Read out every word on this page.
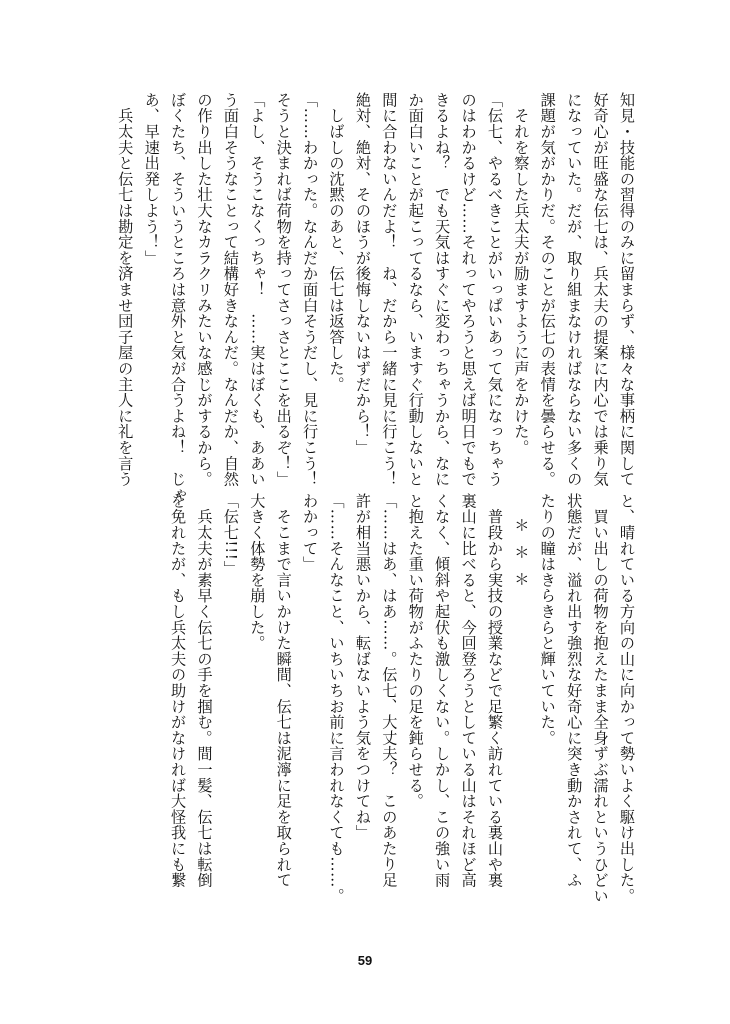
知見・技能の習得のみに留まらず、様々な事柄に関して
好奇心が旺盛な伝七は、兵太夫の提案に内心では乗り気
になっていた。だが、取り組まなければならない多くの
課題が気がかりだ。そのことが伝七の表情を曇らせる。
　それを察した兵太夫が励ますように声をかけた。
「伝七、やるべきことがいっぱいあって気になっちゃう
のはわかるけど……それってやろうと思えば明日でもで
きるよね？　でも天気はすぐに変わっちゃうから、なに
か面白いことが起こってるなら、いますぐ行動しないと
間に合わないんだよ！　ね、だから一緒に見に行こう！
絶対、絶対、そのほうが後悔しないはずだから！」
　しばしの沈黙のあと、伝七は返答した。
「……わかった。なんだか面白そうだし、見に行こう！
そうと決まれば荷物を持ってさっさとここを出るぞ！」
「よし、そうこなくっちゃ！　……実はぼくも、ああい
う面白そうなことって結構好きなんだ。なんだか、自然
の作り出した壮大なカラクリみたいな感じがするから。
ぼくたち、そういうところは意外と気が合うよね！　じゃ
あ、早速出発しよう！」
　兵太夫と伝七は勘定を済ませ団子屋の主人に礼を言う
と、晴れている方向の山に向かって勢いよく駆け出した。
　買い出しの荷物を抱えたまま全身ずぶ濡れというひどい
状態だが、溢れ出す強烈な好奇心に突き動かされて、ふ
たりの瞳はきらきらと輝いていた。
＊＊＊
　普段から実技の授業などで足繁く訪れている裏山や裏
裏山に比べると、今回登ろうとしている山はそれほど高
くなく、傾斜や起伏も激しくない。しかし、この強い雨
と抱えた重い荷物がふたりの足を鈍らせる。
「……はあ、はあ……。伝七、大丈夫？　このあたり足
許が相当悪いから、転ばないよう気をつけてね」
「……そんなこと、いちいちお前に言われなくても……。
わかって」
　そこまで言いかけた瞬間、伝七は泥濘に足を取られて
大きく体勢を崩した。
「伝七!!!」
　兵太夫が素早く伝七の手を掴む。間一髪、伝七は転倒
を免れたが、もし兵太夫の助けがなければ大怪我にも繋
59
